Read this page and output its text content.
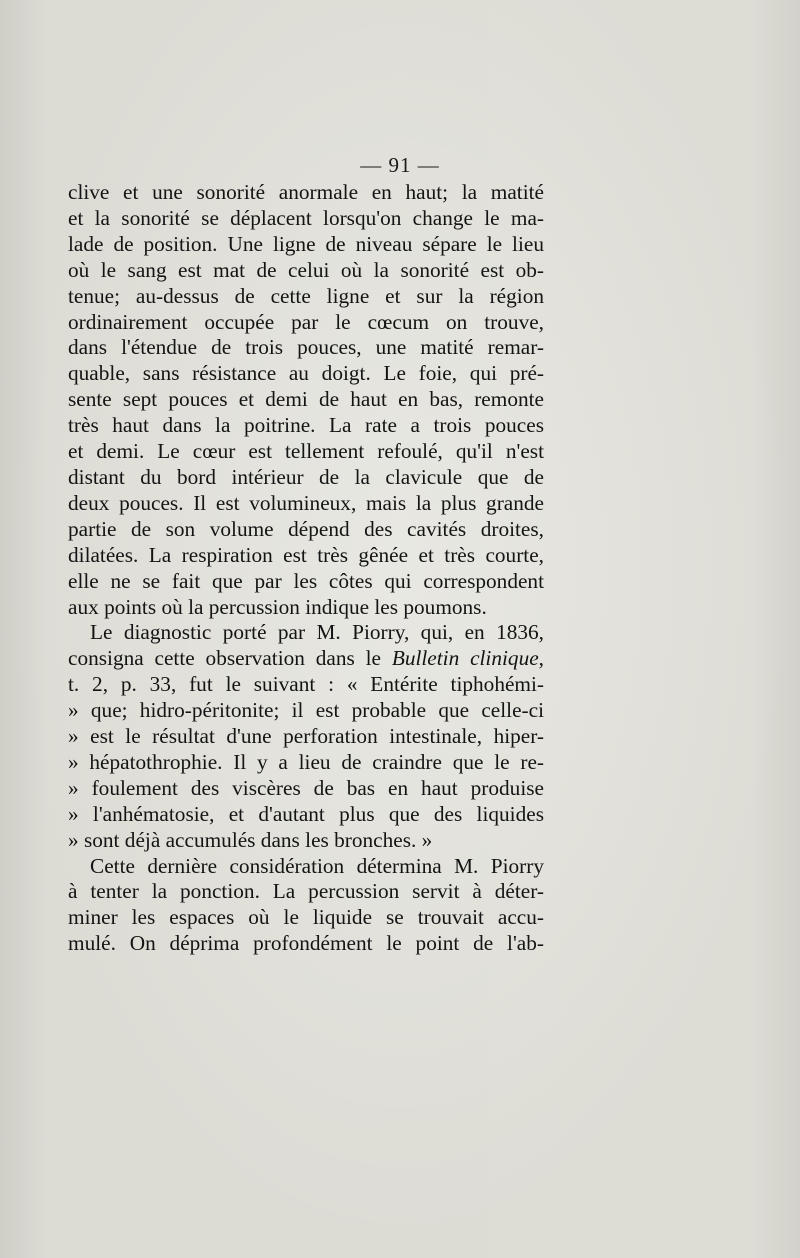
— 91 —
clive et une sonorité anormale en haut; la matité
et la sonorité se déplacent lorsqu'on change le ma-
lade de position. Une ligne de niveau sépare le lieu
où le sang est mat de celui où la sonorité est ob-
tenue; au-dessus de cette ligne et sur la région
ordinairement occupée par le cœcum on trouve,
dans l'étendue de trois pouces, une matité remar-
quable, sans résistance au doigt. Le foie, qui pré-
sente sept pouces et demi de haut en bas, remonte
très haut dans la poitrine. La rate a trois pouces
et demi. Le cœur est tellement refoulé, qu'il n'est
distant du bord intérieur de la clavicule que de
deux pouces. Il est volumineux, mais la plus grande
partie de son volume dépend des cavités droites,
dilatées. La respiration est très gênée et très courte,
elle ne se fait que par les côtes qui correspondent
aux points où la percussion indique les poumons.
Le diagnostic porté par M. Piorry, qui, en 1836,
consigna cette observation dans le Bulletin clinique,
t. 2, p. 33, fut le suivant : « Entérite tiphohémi-
» que; hidro-péritonite; il est probable que celle-ci
» est le résultat d'une perforation intestinale, hiper-
» hépatothrophie. Il y a lieu de craindre que le re-
» foulement des viscères de bas en haut produise
» l'anhématosie, et d'autant plus que des liquides
» sont déjà accumulés dans les bronches. »
Cette dernière considération détermina M. Piorry
à tenter la ponction. La percussion servit à déter-
miner les espaces où le liquide se trouvait accu-
mulé. On déprima profondément le point de l'ab-
